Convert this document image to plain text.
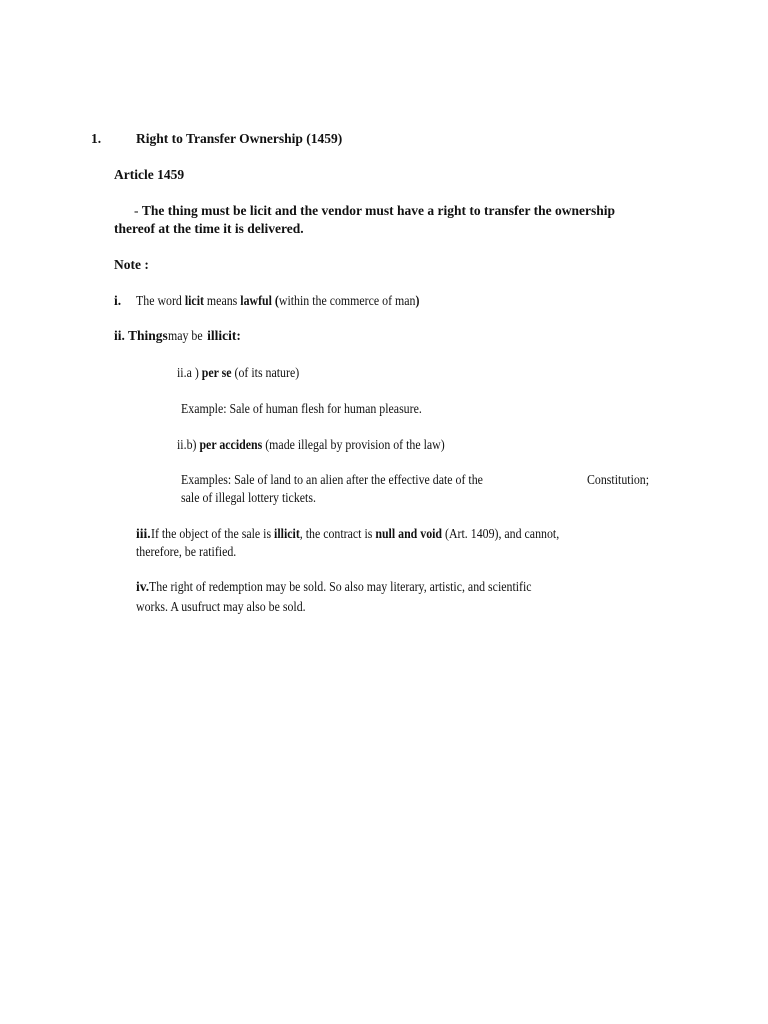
1.	Right to Transfer Ownership (1459)
Article 1459
- The thing must be licit and the vendor must have a right to transfer the ownership
thereof at the time it is delivered.
Note :
i. The word licit means lawful (within the commerce of man)
ii. Thingsmay beillicit:
ii.a ) per se (of its nature)
Example: Sale of human flesh for human pleasure.
ii.b) per accidens (made illegal by provision of the law)
Examples: Sale of land to an alien after the effective date of the	Constitution;
sale of illegal lottery tickets.
iii.If the object of the sale is illicit, the contract is null and void (Art. 1409), and cannot,
therefore, be ratified.
iv.The right of redemption may be sold. So also may literary, artistic, and scientific
works. A usufruct may also be sold.
